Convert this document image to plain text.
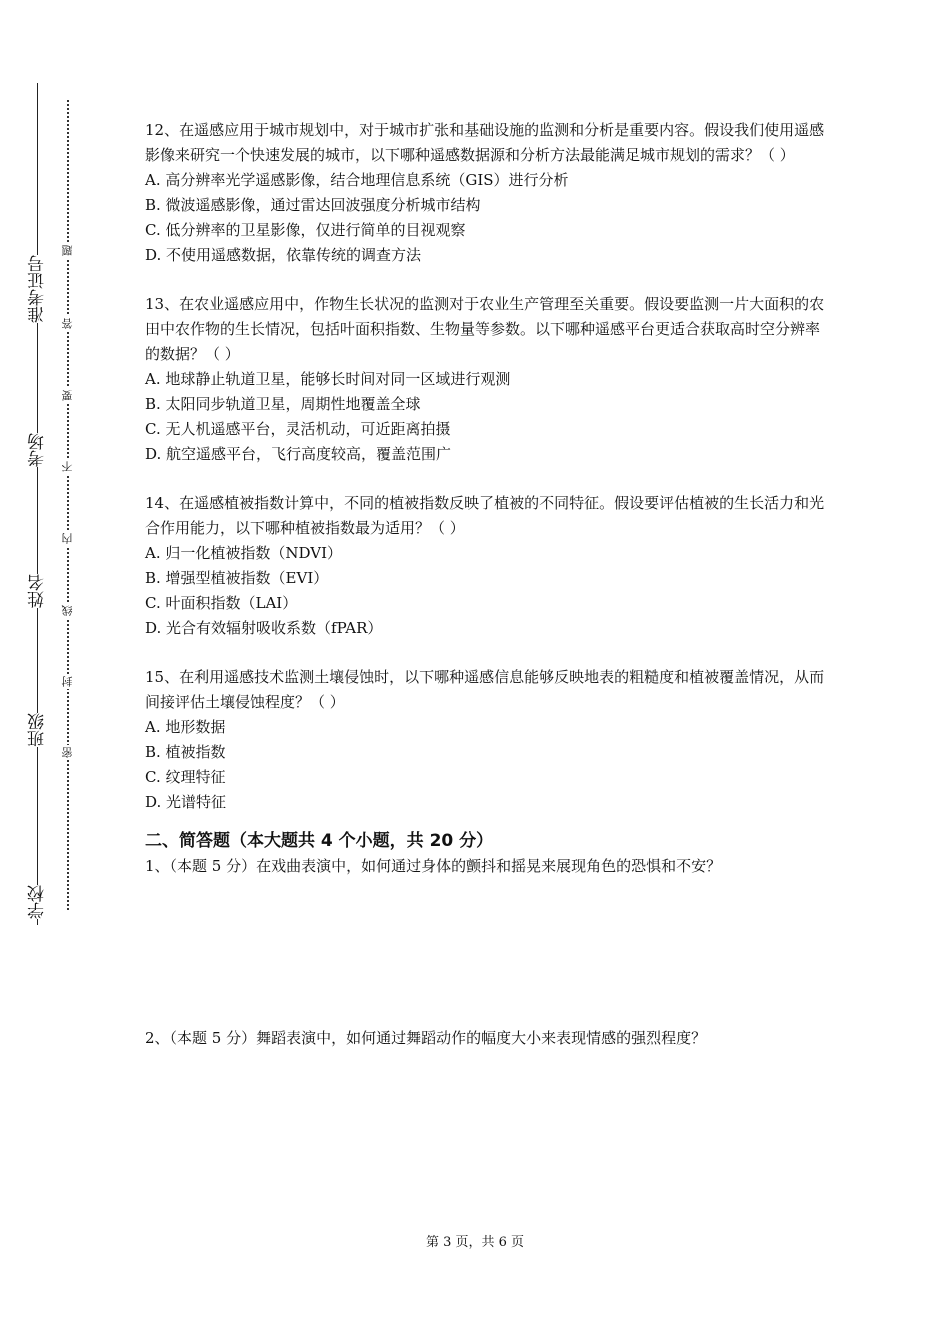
准考证号
考场
姓名
班级
学校
题
答
要
不
内
线
封
密

12、在遥感应用于城市规划中，对于城市扩张和基础设施的监测和分析是重要内容。假设我们使用遥感影像来研究一个快速发展的城市，以下哪种遥感数据源和分析方法最能满足城市规划的需求？（ ）

A. 高分辨率光学遥感影像，结合地理信息系统（GIS）进行分析

B. 微波遥感影像，通过雷达回波强度分析城市结构

C. 低分辨率的卫星影像，仅进行简单的目视观察

D. 不使用遥感数据，依靠传统的调查方法

13、在农业遥感应用中，作物生长状况的监测对于农业生产管理至关重要。假设要监测一片大面积的农田中农作物的生长情况，包括叶面积指数、生物量等参数。以下哪种遥感平台更适合获取高时空分辨率的数据？（ ）

A. 地球静止轨道卫星，能够长时间对同一区域进行观测

B. 太阳同步轨道卫星，周期性地覆盖全球

C. 无人机遥感平台，灵活机动，可近距离拍摄

D. 航空遥感平台，飞行高度较高，覆盖范围广

14、在遥感植被指数计算中，不同的植被指数反映了植被的不同特征。假设要评估植被的生长活力和光合作用能力，以下哪种植被指数最为适用？（ ）

A. 归一化植被指数（NDVI）

B. 增强型植被指数（EVI）

C. 叶面积指数（LAI）

D. 光合有效辐射吸收系数（fPAR）

15、在利用遥感技术监测土壤侵蚀时，以下哪种遥感信息能够反映地表的粗糙度和植被覆盖情况，从而间接评估土壤侵蚀程度？（ ）

A. 地形数据

B. 植被指数

C. 纹理特征

D. 光谱特征

二、简答题（本大题共 4 个小题，共 20 分）

1、（本题 5 分）在戏曲表演中，如何通过身体的颤抖和摇晃来展现角色的恐惧和不安？

2、（本题 5 分）舞蹈表演中，如何通过舞蹈动作的幅度大小来表现情感的强烈程度？

第 3 页，共 6 页
